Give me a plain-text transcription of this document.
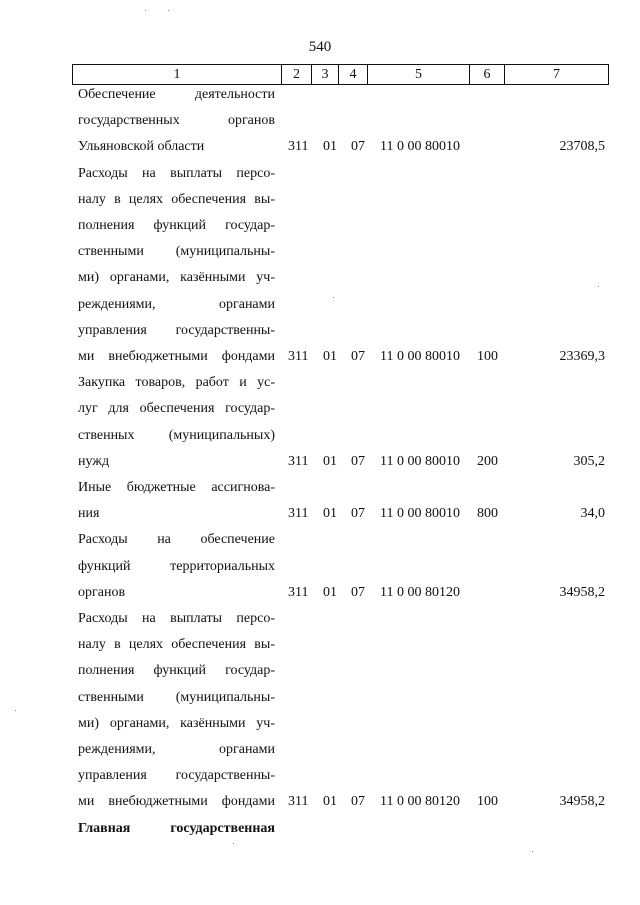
540
1	2	3	4	5	6	7
Обеспечение деятельности
государственных органов
Ульяновской области	311 01 07 11 0 00 80010	23708,5
Расходы на выплаты персо-
налу в целях обеспечения вы-
полнения функций государ-
ственными (муниципальны-
ми) органами, казёнными уч-
реждениями, органами
управления государственны-
ми внебюджетными фондами 311 01 07 11 0 00 80010 100	23369,3
Закупка товаров, работ и ус-
луг для обеспечения государ-
ственных (муниципальных)
нужд	311 01 07 11 0 00 80010 200	305,2
Иные бюджетные ассигнова-
ния	311 01 07 11 0 00 80010 800	34,0
Расходы на обеспечение
функций территориальных
органов	311 01 07 11 0 00 80120	34958,2
Расходы на выплаты персо-
налу в целях обеспечения вы-
полнения функций государ-
ственными (муниципальны-
ми) органами, казёнными уч-
реждениями, органами
управления государственны-
ми внебюджетными фондами 311 01 07 11 0 00 80120 100	34958,2
Главная государственная
